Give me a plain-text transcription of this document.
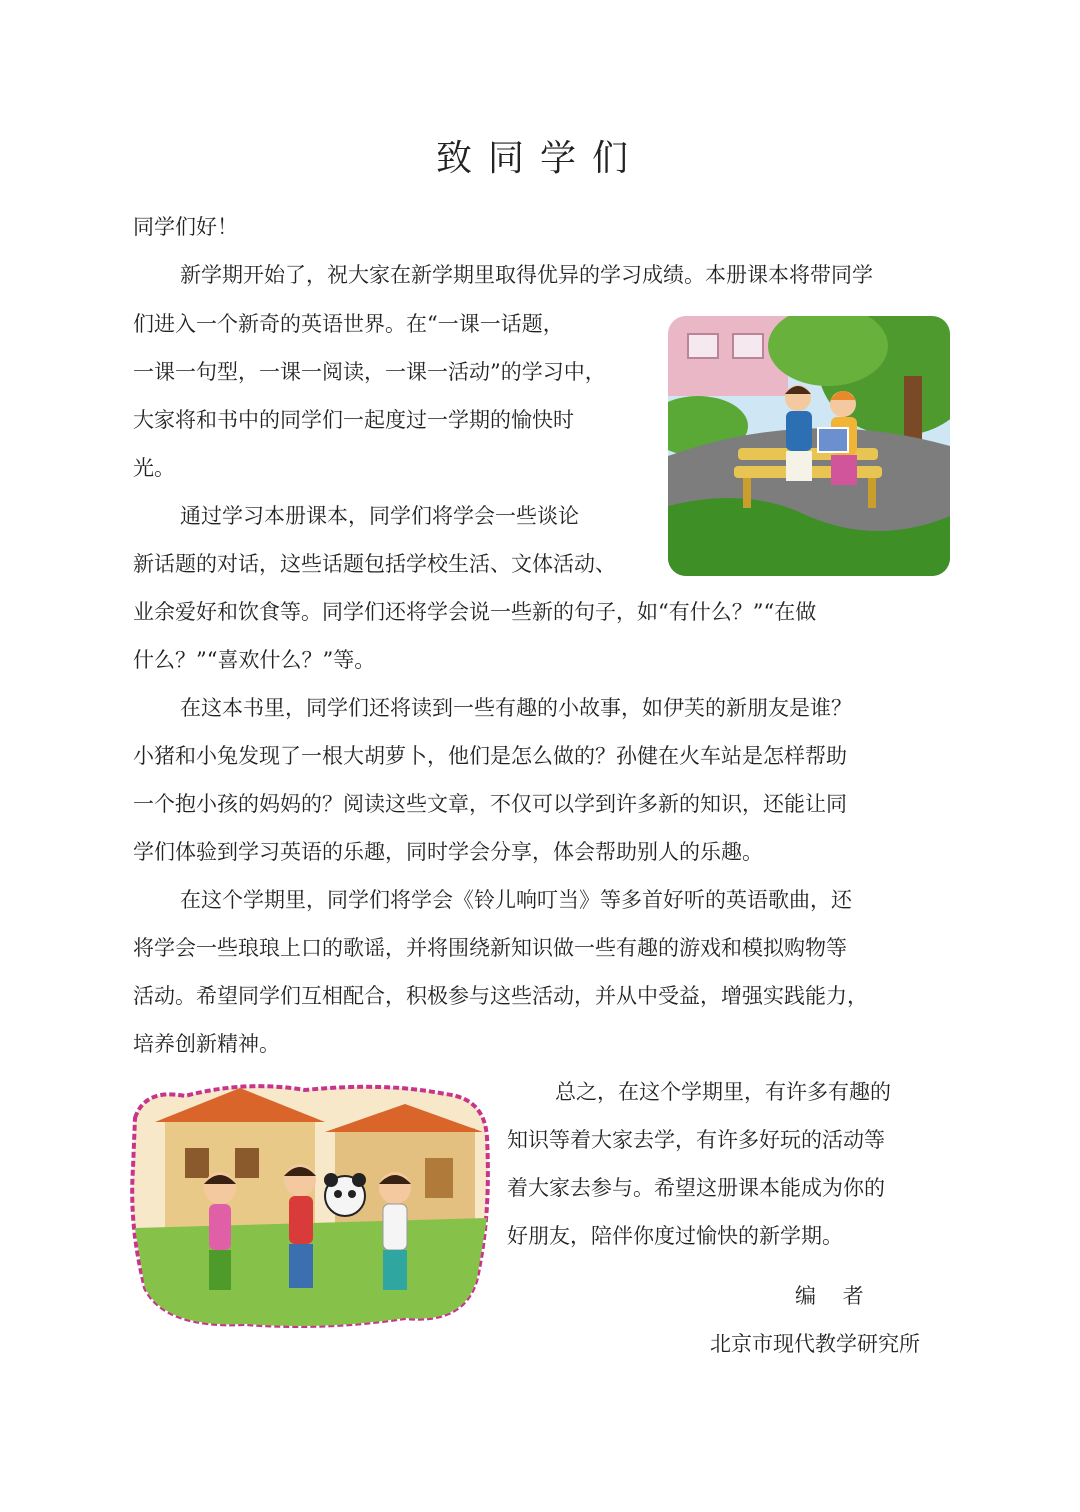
致同学们
同学们好！
新学期开始了，祝大家在新学期里取得优异的学习成绩。本册课本将带同学
们进入一个新奇的英语世界。在“一课一话题，
一课一句型，一课一阅读，一课一活动”的学习中，
大家将和书中的同学们一起度过一学期的愉快时
光。
通过学习本册课本，同学们将学会一些谈论
新话题的对话，这些话题包括学校生活、文体活动、
业余爱好和饮食等。同学们还将学会说一些新的句子，如“有什么？”“在做
什么？”“喜欢什么？”等。
在这本书里，同学们还将读到一些有趣的小故事，如伊芙的新朋友是谁？
小猪和小兔发现了一根大胡萝卜，他们是怎么做的？孙健在火车站是怎样帮助
一个抱小孩的妈妈的？阅读这些文章，不仅可以学到许多新的知识，还能让同
学们体验到学习英语的乐趣，同时学会分享，体会帮助别人的乐趣。
在这个学期里，同学们将学会《铃儿响叮当》等多首好听的英语歌曲，还
将学会一些琅琅上口的歌谣，并将围绕新知识做一些有趣的游戏和模拟购物等
活动。希望同学们互相配合，积极参与这些活动，并从中受益，增强实践能力，
培养创新精神。
总之，在这个学期里，有许多有趣的
知识等着大家去学，有许多好玩的活动等
着大家去参与。希望这册课本能成为你的
好朋友，陪伴你度过愉快的新学期。
编 者
北京市现代教学研究所
